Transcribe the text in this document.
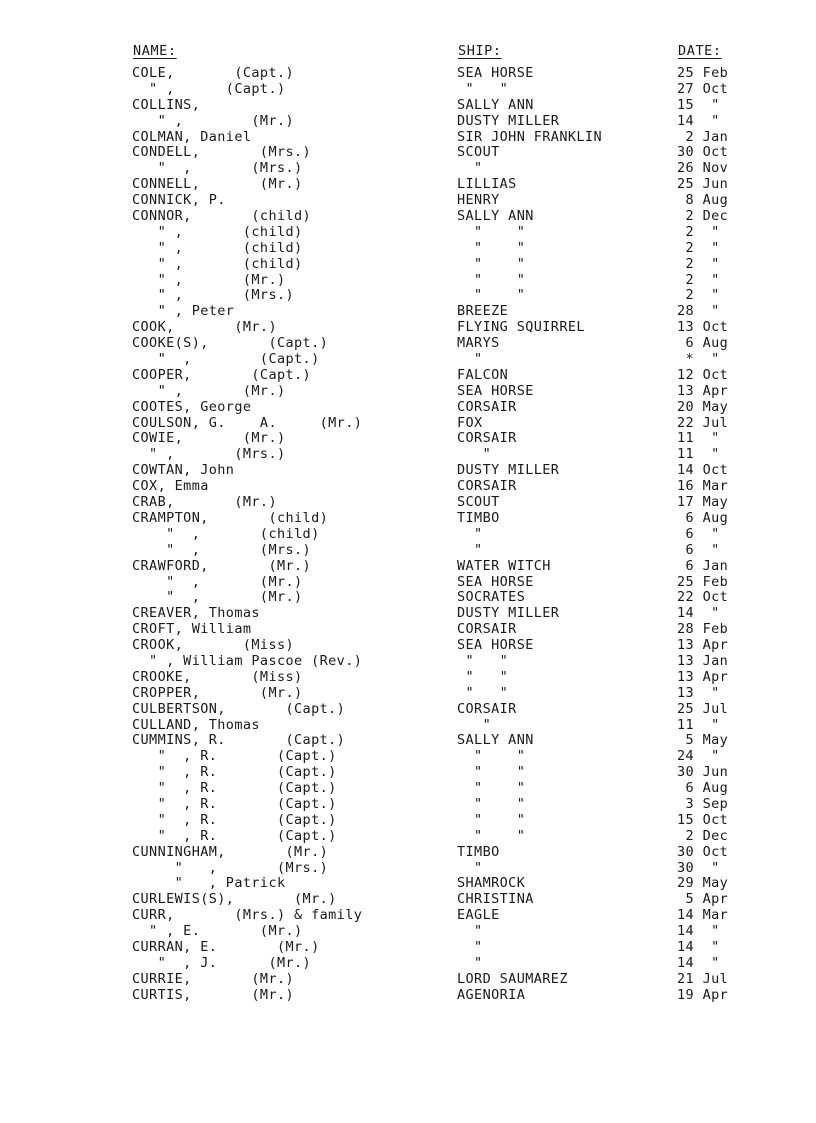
NAME:	SHIP:	DATE:
COLE,       (Capt.)	SEA HORSE	25 Feb
" ,      (Capt.)	"   "	27 Oct
COLLINS,	SALLY ANN	15  "
" ,        (Mr.)	DUSTY MILLER	14  "
COLMAN, Daniel	SIR JOHN FRANKLIN	2 Jan
CONDELL,       (Mrs.)	SCOUT	30 Oct
"  ,       (Mrs.)	"	26 Nov
CONNELL,       (Mr.)	LILLIAS	25 Jun
CONNICK, P.	HENRY	8 Aug
CONNOR,       (child)	SALLY ANN	2 Dec
" ,       (child)	"    "	2  "
" ,       (child)	"    "	2  "
" ,       (child)	"    "	2  "
" ,       (Mr.)	"    "	2  "
" ,       (Mrs.)	"    "	2  "
" , Peter	BREEZE	28  "
COOK,       (Mr.)	FLYING SQUIRREL	13 Oct
COOKE(S),       (Capt.)	MARYS	6 Aug
"  ,        (Capt.)	"	*  "
COOPER,       (Capt.)	FALCON	12 Oct
" ,       (Mr.)	SEA HORSE	13 Apr
COOTES, George	CORSAIR	20 May
COULSON, G.    A.     (Mr.)	FOX	22 Jul
COWIE,       (Mr.)	CORSAIR	11  "
" ,       (Mrs.)	"	11  "
COWTAN, John	DUSTY MILLER	14 Oct
COX, Emma	CORSAIR	16 Mar
CRAB,       (Mr.)	SCOUT	17 May
CRAMPTON,       (child)	TIMBO	6 Aug
"  ,       (child)	"	6  "
"  ,       (Mrs.)	"	6  "
CRAWFORD,       (Mr.)	WATER WITCH	6 Jan
"  ,       (Mr.)	SEA HORSE	25 Feb
"  ,       (Mr.)	SOCRATES	22 Oct
CREAVER, Thomas	DUSTY MILLER	14  "
CROFT, William	CORSAIR	28 Feb
CROOK,       (Miss)	SEA HORSE	13 Apr
" , William Pascoe (Rev.)	"   "	13 Jan
CROOKE,       (Miss)	"   "	13 Apr
CROPPER,       (Mr.)	"   "	13  "
CULBERTSON,       (Capt.)	CORSAIR	25 Jul
CULLAND, Thomas	"	11  "
CUMMINS, R.       (Capt.)	SALLY ANN	5 May
"  , R.       (Capt.)	"    "	24  "
"  , R.       (Capt.)	"    "	30 Jun
"  , R.       (Capt.)	"    "	6 Aug
"  , R.       (Capt.)	"    "	3 Sep
"  , R.       (Capt.)	"    "	15 Oct
"  , R.       (Capt.)	"    "	2 Dec
CUNNINGHAM,       (Mr.)	TIMBO	30 Oct
"   ,       (Mrs.)	"	30  "
"   , Patrick	SHAMROCK	29 May
CURLEWIS(S),       (Mr.)	CHRISTINA	5 Apr
CURR,       (Mrs.) & family	EAGLE	14 Mar
" , E.       (Mr.)	"	14  "
CURRAN, E.       (Mr.)	"	14  "
"  , J.      (Mr.)	"	14  "
CURRIE,       (Mr.)	LORD SAUMAREZ	21 Jul
CURTIS,       (Mr.)	AGENORIA	19 Apr
